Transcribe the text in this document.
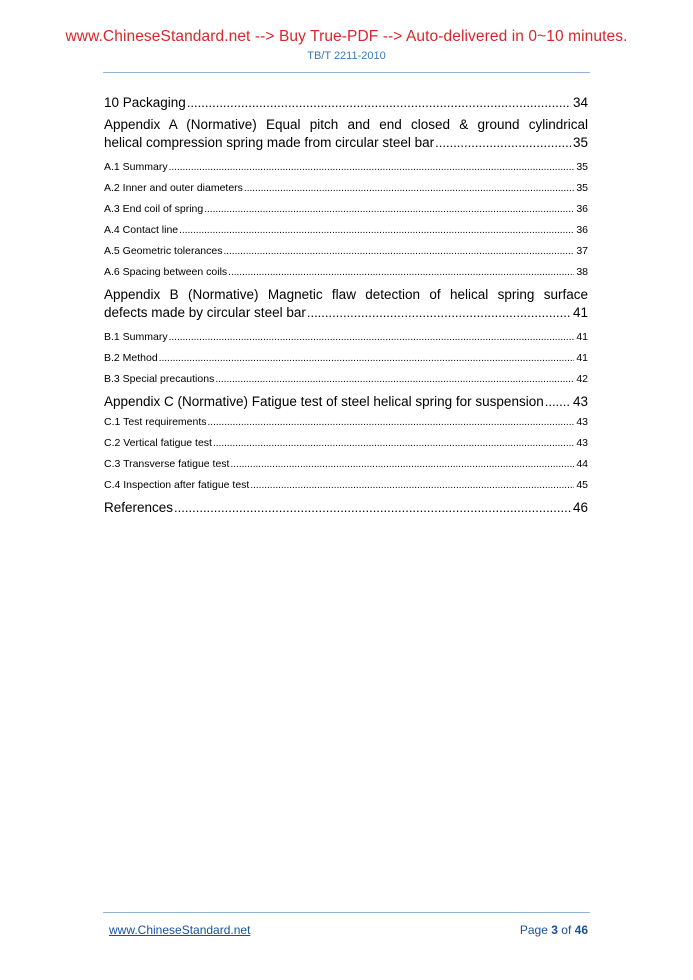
www.ChineseStandard.net --> Buy True-PDF --> Auto-delivered in 0~10 minutes.
TB/T 2211-2010
10 Packaging .....	34
Appendix A (Normative) Equal pitch and end closed & ground cylindrical
helical compression spring made from circular steel bar .....	35
A.1 Summary .....	35
A.2 Inner and outer diameters .....	35
A.3 End coil of spring .....	36
A.4 Contact line .....	36
A.5 Geometric tolerances .....	37
A.6 Spacing between coils .....	38
Appendix B (Normative) Magnetic flaw detection of helical spring surface
defects made by circular steel bar .....	41
B.1 Summary .....	41
B.2 Method .....	41
B.3 Special precautions .....	42
Appendix C (Normative) Fatigue test of steel helical spring for suspension ..... 43
C.1 Test requirements .....	43
C.2 Vertical fatigue test .....	43
C.3 Transverse fatigue test .....	44
C.4 Inspection after fatigue test .....	45
References .....	46
www.ChineseStandard.net	Page 3 of 46
